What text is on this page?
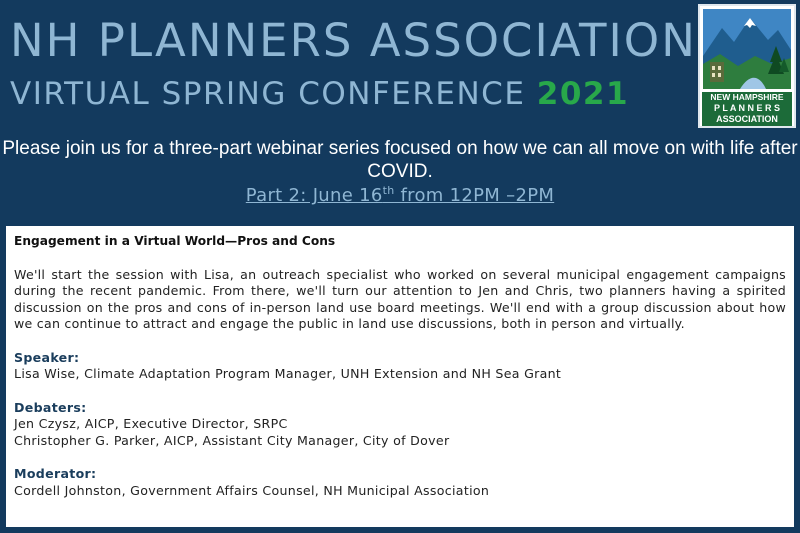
NH PLANNERS ASSOCIATION
VIRTUAL SPRING CONFERENCE 2021	NEW HAMPSHIRE
P L A N N E R S
ASSOCIATION
Please join us for a three-part webinar series focused on how we can all move on with life after COVID.
Part 2: June 16th from 12PM –2PM
Engagement in a Virtual World—Pros and Cons
We'll start the session with Lisa, an outreach specialist who worked on several municipal engagement campaigns during the recent pandemic. From there, we'll turn our attention to Jen and Chris, two planners having a spirited discussion on the pros and cons of in-person land use board meetings. We'll end with a group discussion about how we can continue to attract and engage the public in land use discussions, both in person and virtually.
Speaker:
Lisa Wise, Climate Adaptation Program Manager, UNH Extension and NH Sea Grant
Debaters:
Jen Czysz, AICP, Executive Director, SRPC
Christopher G. Parker, AICP, Assistant City Manager, City of Dover
Moderator:
Cordell Johnston, Government Affairs Counsel, NH Municipal Association
